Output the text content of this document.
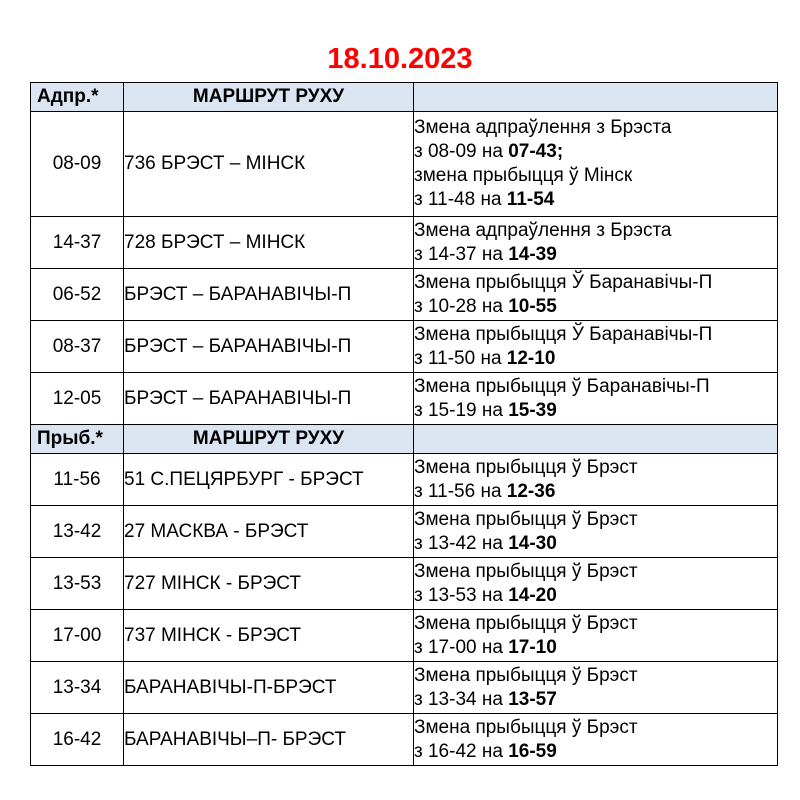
18.10.2023
Адпр.*	МАРШРУТ РУХУ	
08-09	736 БРЭСТ – МІНСК	Змена адпраўлення з Брэста
з 08-09 на 07-43;
змена прыбыцця ў Мінск
з 11-48 на 11-54

14-37	728 БРЭСТ – МІНСК	Змена адпраўлення з Брэста
з 14-37 на 14-39

06-52	БРЭСТ – БАРАНАВІЧЫ-П	Змена прыбыцця Ў Баранавічы-П
з 10-28 на 10-55

08-37	БРЭСТ – БАРАНАВІЧЫ-П	Змена прыбыцця Ў Баранавічы-П
з 11-50 на 12-10

12-05	БРЭСТ – БАРАНАВІЧЫ-П	Змена прыбыцця ў Баранавічы-П
з 15-19 на 15-39

Прыб.*	МАРШРУТ РУХУ	
11-56	51 С.ПЕЦЯРБУРГ - БРЭСТ	Змена прыбыцця ў Брэст
з 11-56 на 12-36

13-42	27 МАСКВА - БРЭСТ	Змена прыбыцця ў Брэст
з 13-42 на 14-30

13-53	727 МІНСК - БРЭСТ	Змена прыбыцця ў Брэст
з 13-53 на 14-20

17-00	737 МІНСК - БРЭСТ	Змена прыбыцця ў Брэст
з 17-00 на 17-10

13-34	БАРАНАВІЧЫ-П-БРЭСТ	Змена прыбыцця ў Брэст
з 13-34 на 13-57

16-42	БАРАНАВІЧЫ–П- БРЭСТ	Змена прыбыцця ў Брэст
з 16-42 на 16-59
